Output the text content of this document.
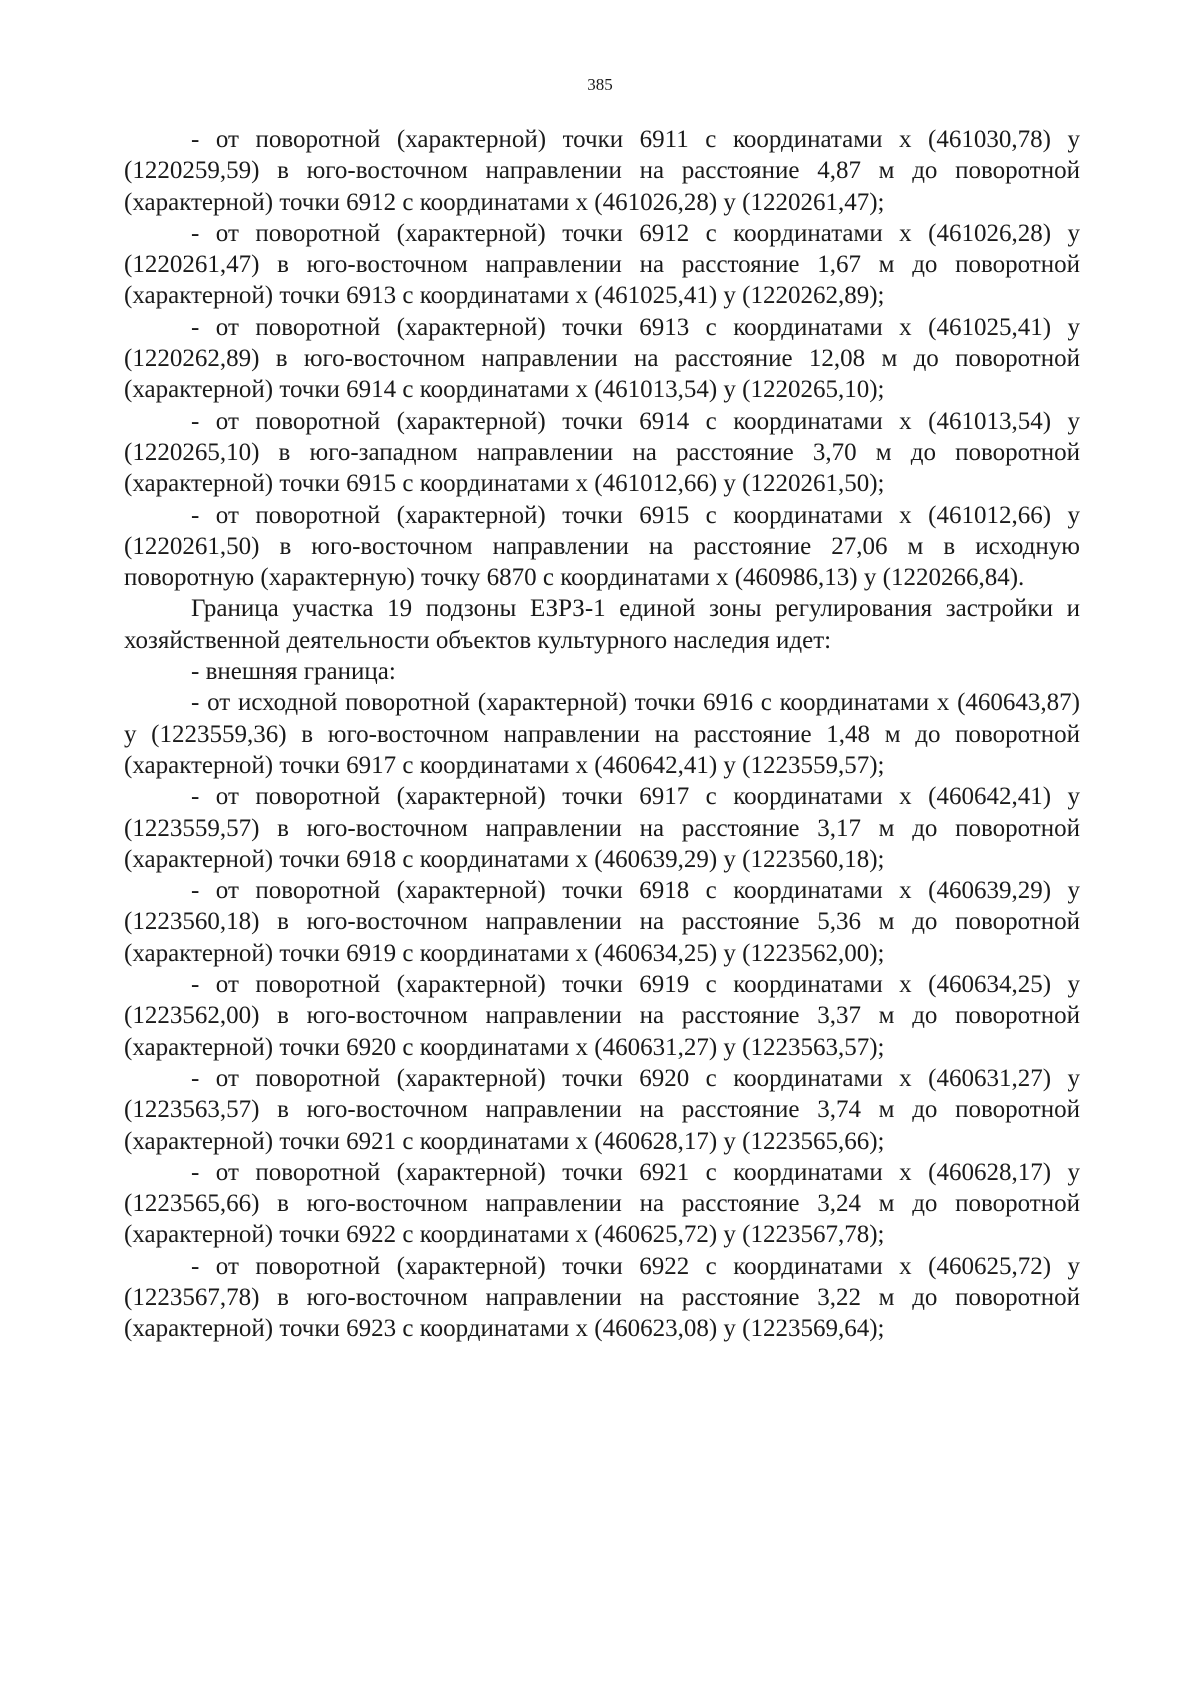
385

- от поворотной (характерной) точки 6911 с координатами х (461030,78) у (1220259,59) в юго-восточном направлении на расстояние 4,87 м до поворотной (характерной) точки 6912 с координатами х (461026,28) у (1220261,47);

- от поворотной (характерной) точки 6912 с координатами х (461026,28) у (1220261,47) в юго-восточном направлении на расстояние 1,67 м до поворотной (характерной) точки 6913 с координатами х (461025,41) у (1220262,89);

- от поворотной (характерной) точки 6913 с координатами х (461025,41) у (1220262,89) в юго-восточном направлении на расстояние 12,08 м до поворотной (характерной) точки 6914 с координатами х (461013,54) у (1220265,10);

- от поворотной (характерной) точки 6914 с координатами х (461013,54) у (1220265,10) в юго-западном направлении на расстояние 3,70 м до поворотной (характерной) точки 6915 с координатами х (461012,66) у (1220261,50);

- от поворотной (характерной) точки 6915 с координатами х (461012,66) у (1220261,50) в юго-восточном направлении на расстояние 27,06 м в исходную поворотную (характерную) точку 6870 с координатами х (460986,13) у (1220266,84).

Граница участка 19 подзоны ЕЗРЗ-1 единой зоны регулирования застройки и хозяйственной деятельности объектов культурного наследия идет:

- внешняя граница:

- от исходной поворотной (характерной) точки 6916 с координатами х (460643,87) у (1223559,36) в юго-восточном направлении на расстояние 1,48 м до поворотной (характерной) точки 6917 с координатами х (460642,41) у (1223559,57);

- от поворотной (характерной) точки 6917 с координатами х (460642,41) у (1223559,57) в юго-восточном направлении на расстояние 3,17 м до поворотной (характерной) точки 6918 с координатами х (460639,29) у (1223560,18);

- от поворотной (характерной) точки 6918 с координатами х (460639,29) у (1223560,18) в юго-восточном направлении на расстояние 5,36 м до поворотной (характерной) точки 6919 с координатами х (460634,25) у (1223562,00);

- от поворотной (характерной) точки 6919 с координатами х (460634,25) у (1223562,00) в юго-восточном направлении на расстояние 3,37 м до поворотной (характерной) точки 6920 с координатами х (460631,27) у (1223563,57);

- от поворотной (характерной) точки 6920 с координатами х (460631,27) у (1223563,57) в юго-восточном направлении на расстояние 3,74 м до поворотной (характерной) точки 6921 с координатами х (460628,17) у (1223565,66);

- от поворотной (характерной) точки 6921 с координатами х (460628,17) у (1223565,66) в юго-восточном направлении на расстояние 3,24 м до поворотной (характерной) точки 6922 с координатами х (460625,72) у (1223567,78);

- от поворотной (характерной) точки 6922 с координатами х (460625,72) у (1223567,78) в юго-восточном направлении на расстояние 3,22 м до поворотной (характерной) точки 6923 с координатами х (460623,08) у (1223569,64);
